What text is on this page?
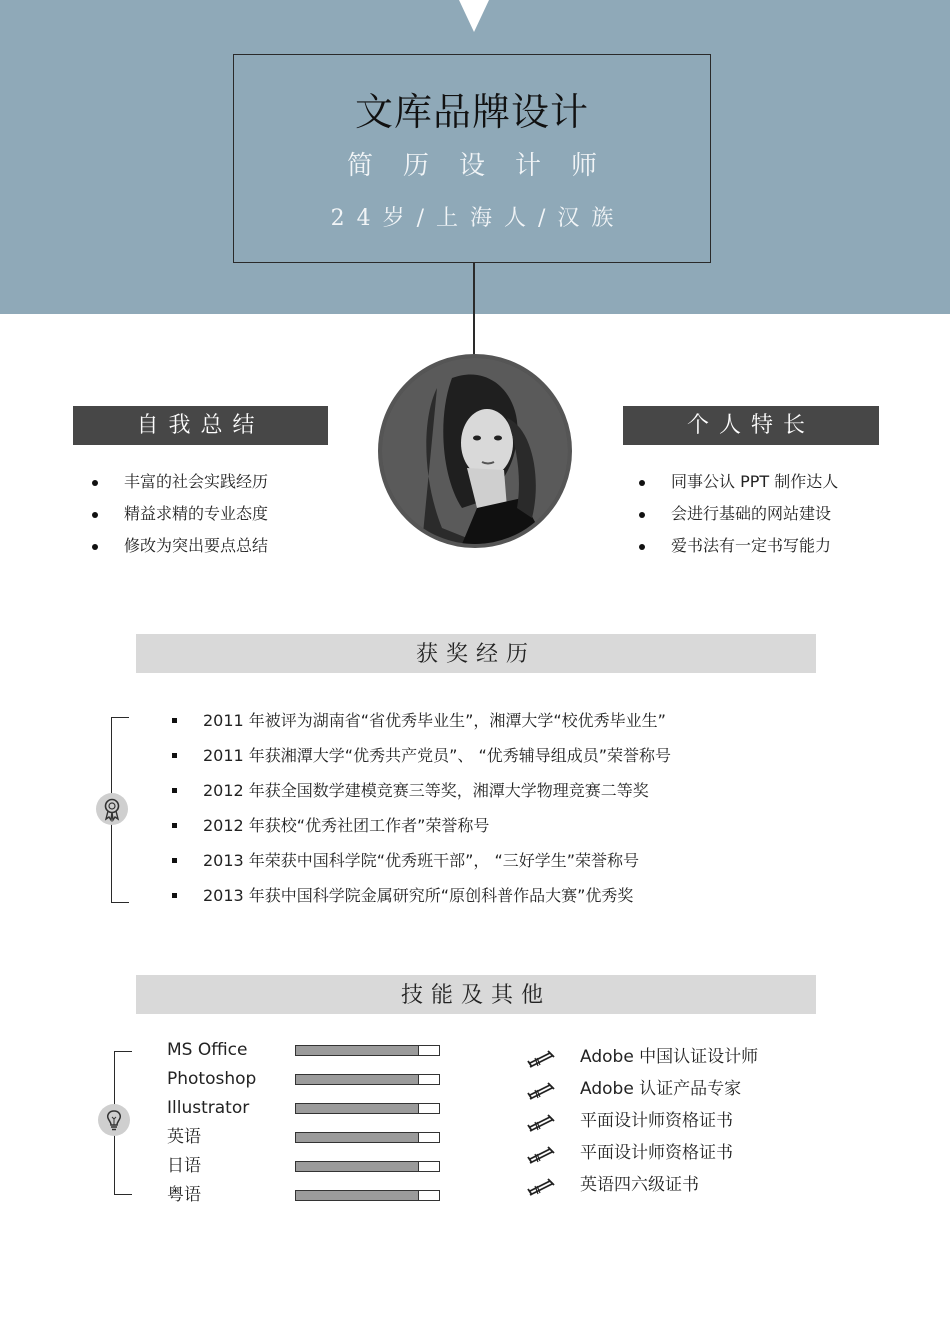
文库品牌设计
简历设计师
24岁/上海人/汉族
自我总结
丰富的社会实践经历
精益求精的专业态度
修改为突出要点总结
个人特长
同事公认 PPT 制作达人
会进行基础的网站建设
爱书法有一定书写能力
获奖经历
2011 年被评为湖南省“省优秀毕业生”，湘潭大学“校优秀毕业生”
2011 年获湘潭大学“优秀共产党员”、 “优秀辅导组成员”荣誉称号
2012 年获全国数学建模竞赛三等奖，湘潭大学物理竞赛二等奖
2012 年获校“优秀社团工作者”荣誉称号
2013 年荣获中国科学院“优秀班干部”， “三好学生”荣誉称号
2013 年获中国科学院金属研究所“原创科普作品大赛”优秀奖
技能及其他
MS Office
Photoshop
Illustrator
英语
日语
粤语
Adobe 中国认证设计师
Adobe 认证产品专家
平面设计师资格证书
平面设计师资格证书
英语四六级证书
